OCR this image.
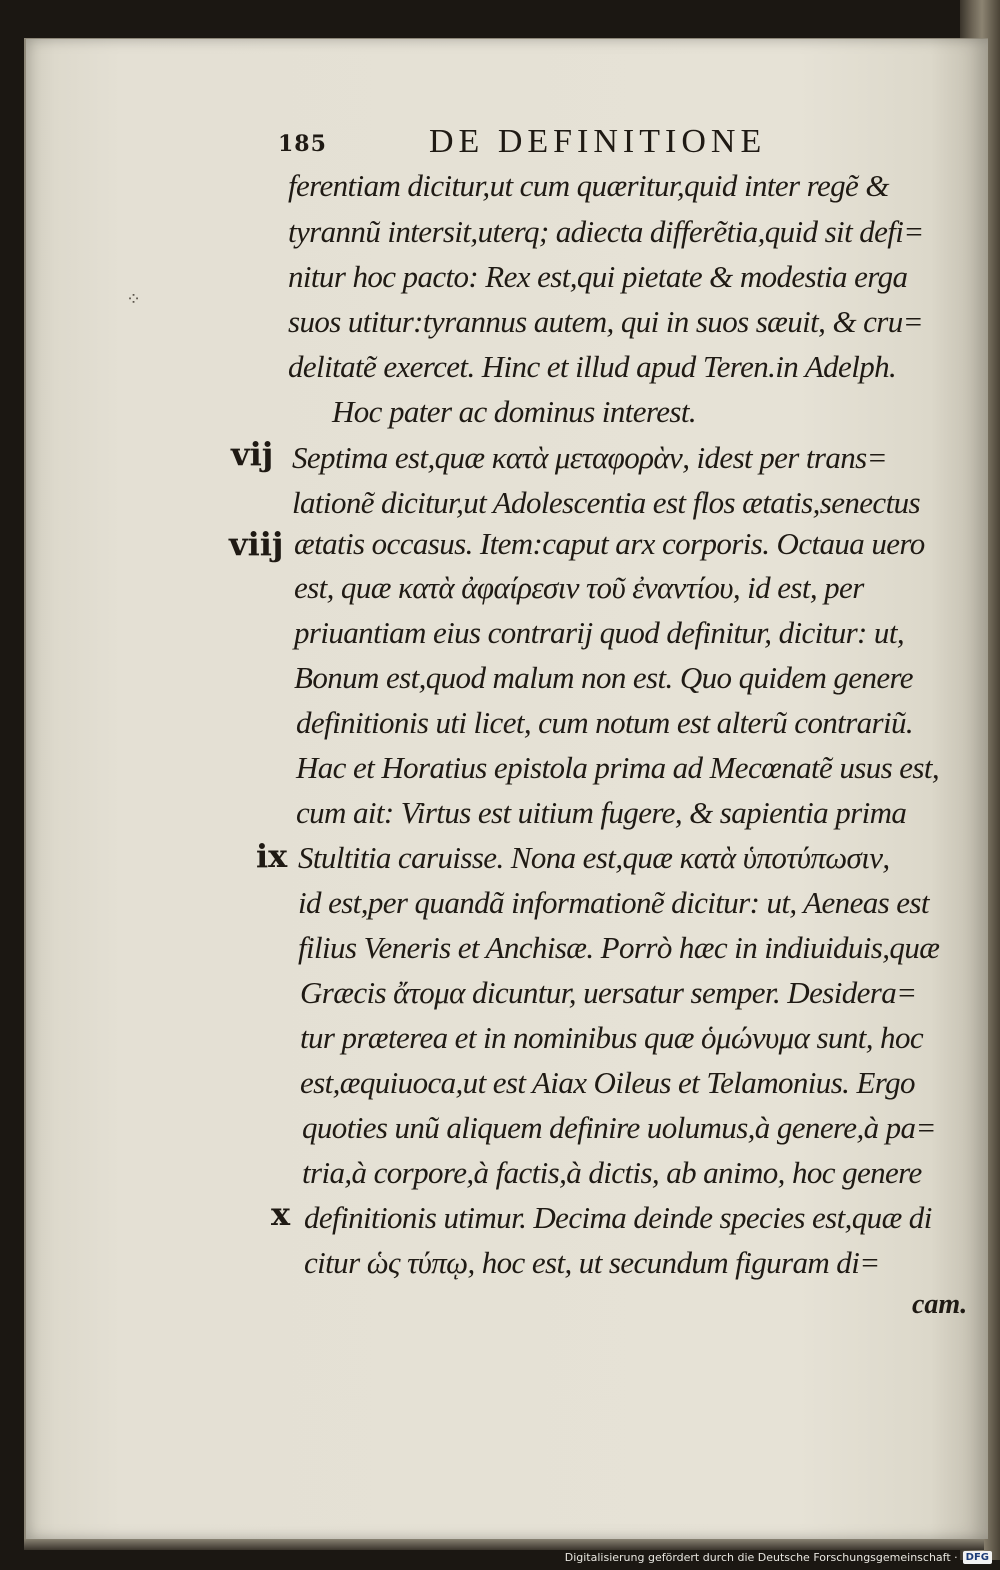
185	DE DEFINITIONE
⁘
ferentiam dicitur,ut cum quæritur,quid inter regẽ &
tyrannũ intersit,uterq; adiecta differẽtia,quid sit defi=
nitur hoc pacto: Rex est,qui pietate & modestia erga
suos utitur:tyrannus autem, qui in suos sæuit, & cru=
delitatẽ exercet. Hinc et illud apud Teren.in Adelph.
Hoc pater ac dominus interest.
Septima est,quæ κατὰ μεταφορὰν, idest per trans=
lationẽ dicitur,ut Adolescentia est flos ætatis,senectus
ætatis occasus. Item:caput arx corporis. Octaua uero
est, quæ κατὰ ἀφαίρεσιν τοῦ ἐναντίου, id est, per
priuantiam eius contrarij quod definitur, dicitur: ut,
Bonum est,quod malum non est. Quo quidem genere
definitionis uti licet, cum notum est alterũ contrariũ.
Hac et Horatius epistola prima ad Mecœnatẽ usus est,
cum ait: Virtus est uitium fugere, & sapientia prima
Stultitia caruisse. Nona est,quæ κατὰ ὑποτύπωσιν,
id est,per quandã informationẽ dicitur: ut, Aeneas est
filius Veneris et Anchisæ. Porrò hæc in indiuiduis,quæ
Græcis ἄτομα dicuntur, uersatur semper. Desidera=
tur præterea et in nominibus quæ ὁμώνυμα sunt, hoc
est,æquiuoca,ut est Aiax Oileus et Telamonius. Ergo
quoties unũ aliquem definire uolumus,à genere,à pa=
tria,à corpore,à factis,à dictis, ab animo, hoc genere
definitionis utimur. Decima deinde species est,quæ di
citur ὡς τύπῳ, hoc est, ut secundum figuram di=
cam.
vij
viij
ix
x
Digitalisierung gefördert durch die Deutsche Forschungsgemeinschaft · DFG
